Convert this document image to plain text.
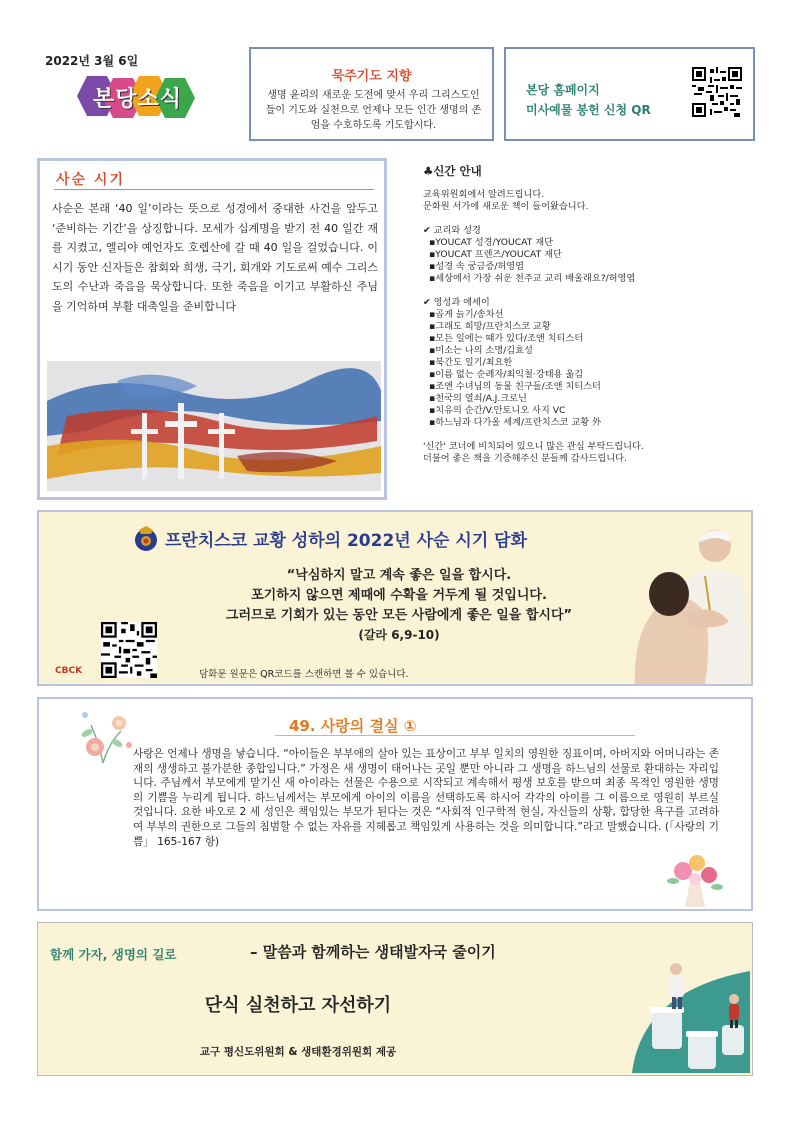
2022년 3월 6일
본당소식
묵주기도 지향
생명 윤리의 새로운 도전에 맞서 우리 그리스도인들이 기도와 실천으로 언제나 모든 인간 생명의 존엄을 수호하도록 기도합시다.
본당 홈페이지
미사예물 봉헌 신청 QR
사순 시기
사순은 본래 ‘40 일’이라는 뜻으로 성경에서 중대한 사건을 앞두고 ‘준비하는 기간’을 상징합니다. 모세가 십계명을 받기 전 40 일간 재를 지켰고, 엘리야 예언자도 호렙산에 갈 때 40 일을 걸었습니다. 이 시기 동안 신자들은 참회와 희생, 극기, 회개와 기도로써 예수 그리스도의 수난과 죽음을 묵상합니다. 또한 죽음을 이기고 부활하신 주님을 기억하며 부활 대축일을 준비합니다
♣신간 안내

교육위원회에서 알려드립니다.

문화원 서가에 새로운 책이 들어왔습니다.

✔ 교리와 성경

▪YOUCAT 성경/YOUCAT 재단

▪YOUCAT 프렌즈/YOUCAT 재단

▪성경 속 궁금증/허영엽

▪세상에서 가장 쉬운 천주교 교리 배울래요?/허영엽

✔ 영성과 에세이

▪곱게 늙기/송차선

▪그래도 희망/프란치스코 교황

▪모든 일에는 때가 있다/조앤 치티스터

▪미소는 나의 소명/김효성

▪북간도 일기/최요한

▪이름 없는 순례자/최익철·강태용 옮김

▪조앤 수녀님의 동물 친구들/조앤 치티스터

▪천국의 열쇠/A.J.크로닌

▪치유의 순간/V.안토니오 사지 VC

▪하느님과 다가올 세계/프란치스코 교황 外

'신간' 코너에 비치되어 있으니 많은 관심 부탁드립니다.

더불어 좋은 책을 기증해주신 분들께 감사드립니다.

프란치스코 교황 성하의 2022년 사순 시기 담화
“낙심하지 말고 계속 좋은 일을 합시다.
포기하지 않으면 제때에 수확을 거두게 될 것입니다.
그러므로 기회가 있는 동안 모든 사람에게 좋은 일을 합시다”
(갈라 6,9-10)
CBCK	담화문 원문은 QR코드를 스캔하면 볼 수 있습니다.
49. 사랑의 결실 ①
사랑은 언제나 생명을 낳습니다. “아이들은 부부애의 살아 있는 표상이고 부부 일치의 영원한 징표이며, 아버지와 어머니라는 존재의 생생하고 불가분한 종합입니다.” 가정은 새 생명이 태어나는 곳일 뿐만 아니라 그 생명을 하느님의 선물로 환대하는 자리입니다. 주님께서 부모에게 맡기신 새 아이라는 선물은 수용으로 시작되고 계속해서 평생 보호를 받으며 최종 목적인 영원한 생명의 기쁨을 누리게 됩니다. 하느님께서는 부모에게 아이의 이름을 선택하도록 하시어 각각의 아이를 그 이름으로 영원히 부르실 것입니다. 요한 바오로 2 세 성인은 책임있는 부모가 된다는 것은 “사회적 인구학적 현실, 자신들의 상황, 합당한 욕구를 고려하여 부부의 권한으로 그들의 침범할 수 없는 자유를 지혜롭고 책임있게 사용하는 것을 의미합니다.”라고 말했습니다. (「사랑의 기쁨」 165-167 항)
함께 가자, 생명의 길로	– 말씀과 함께하는 생태발자국 줄이기
단식 실천하고 자선하기
교구 평신도위원회 & 생태환경위원회 제공
